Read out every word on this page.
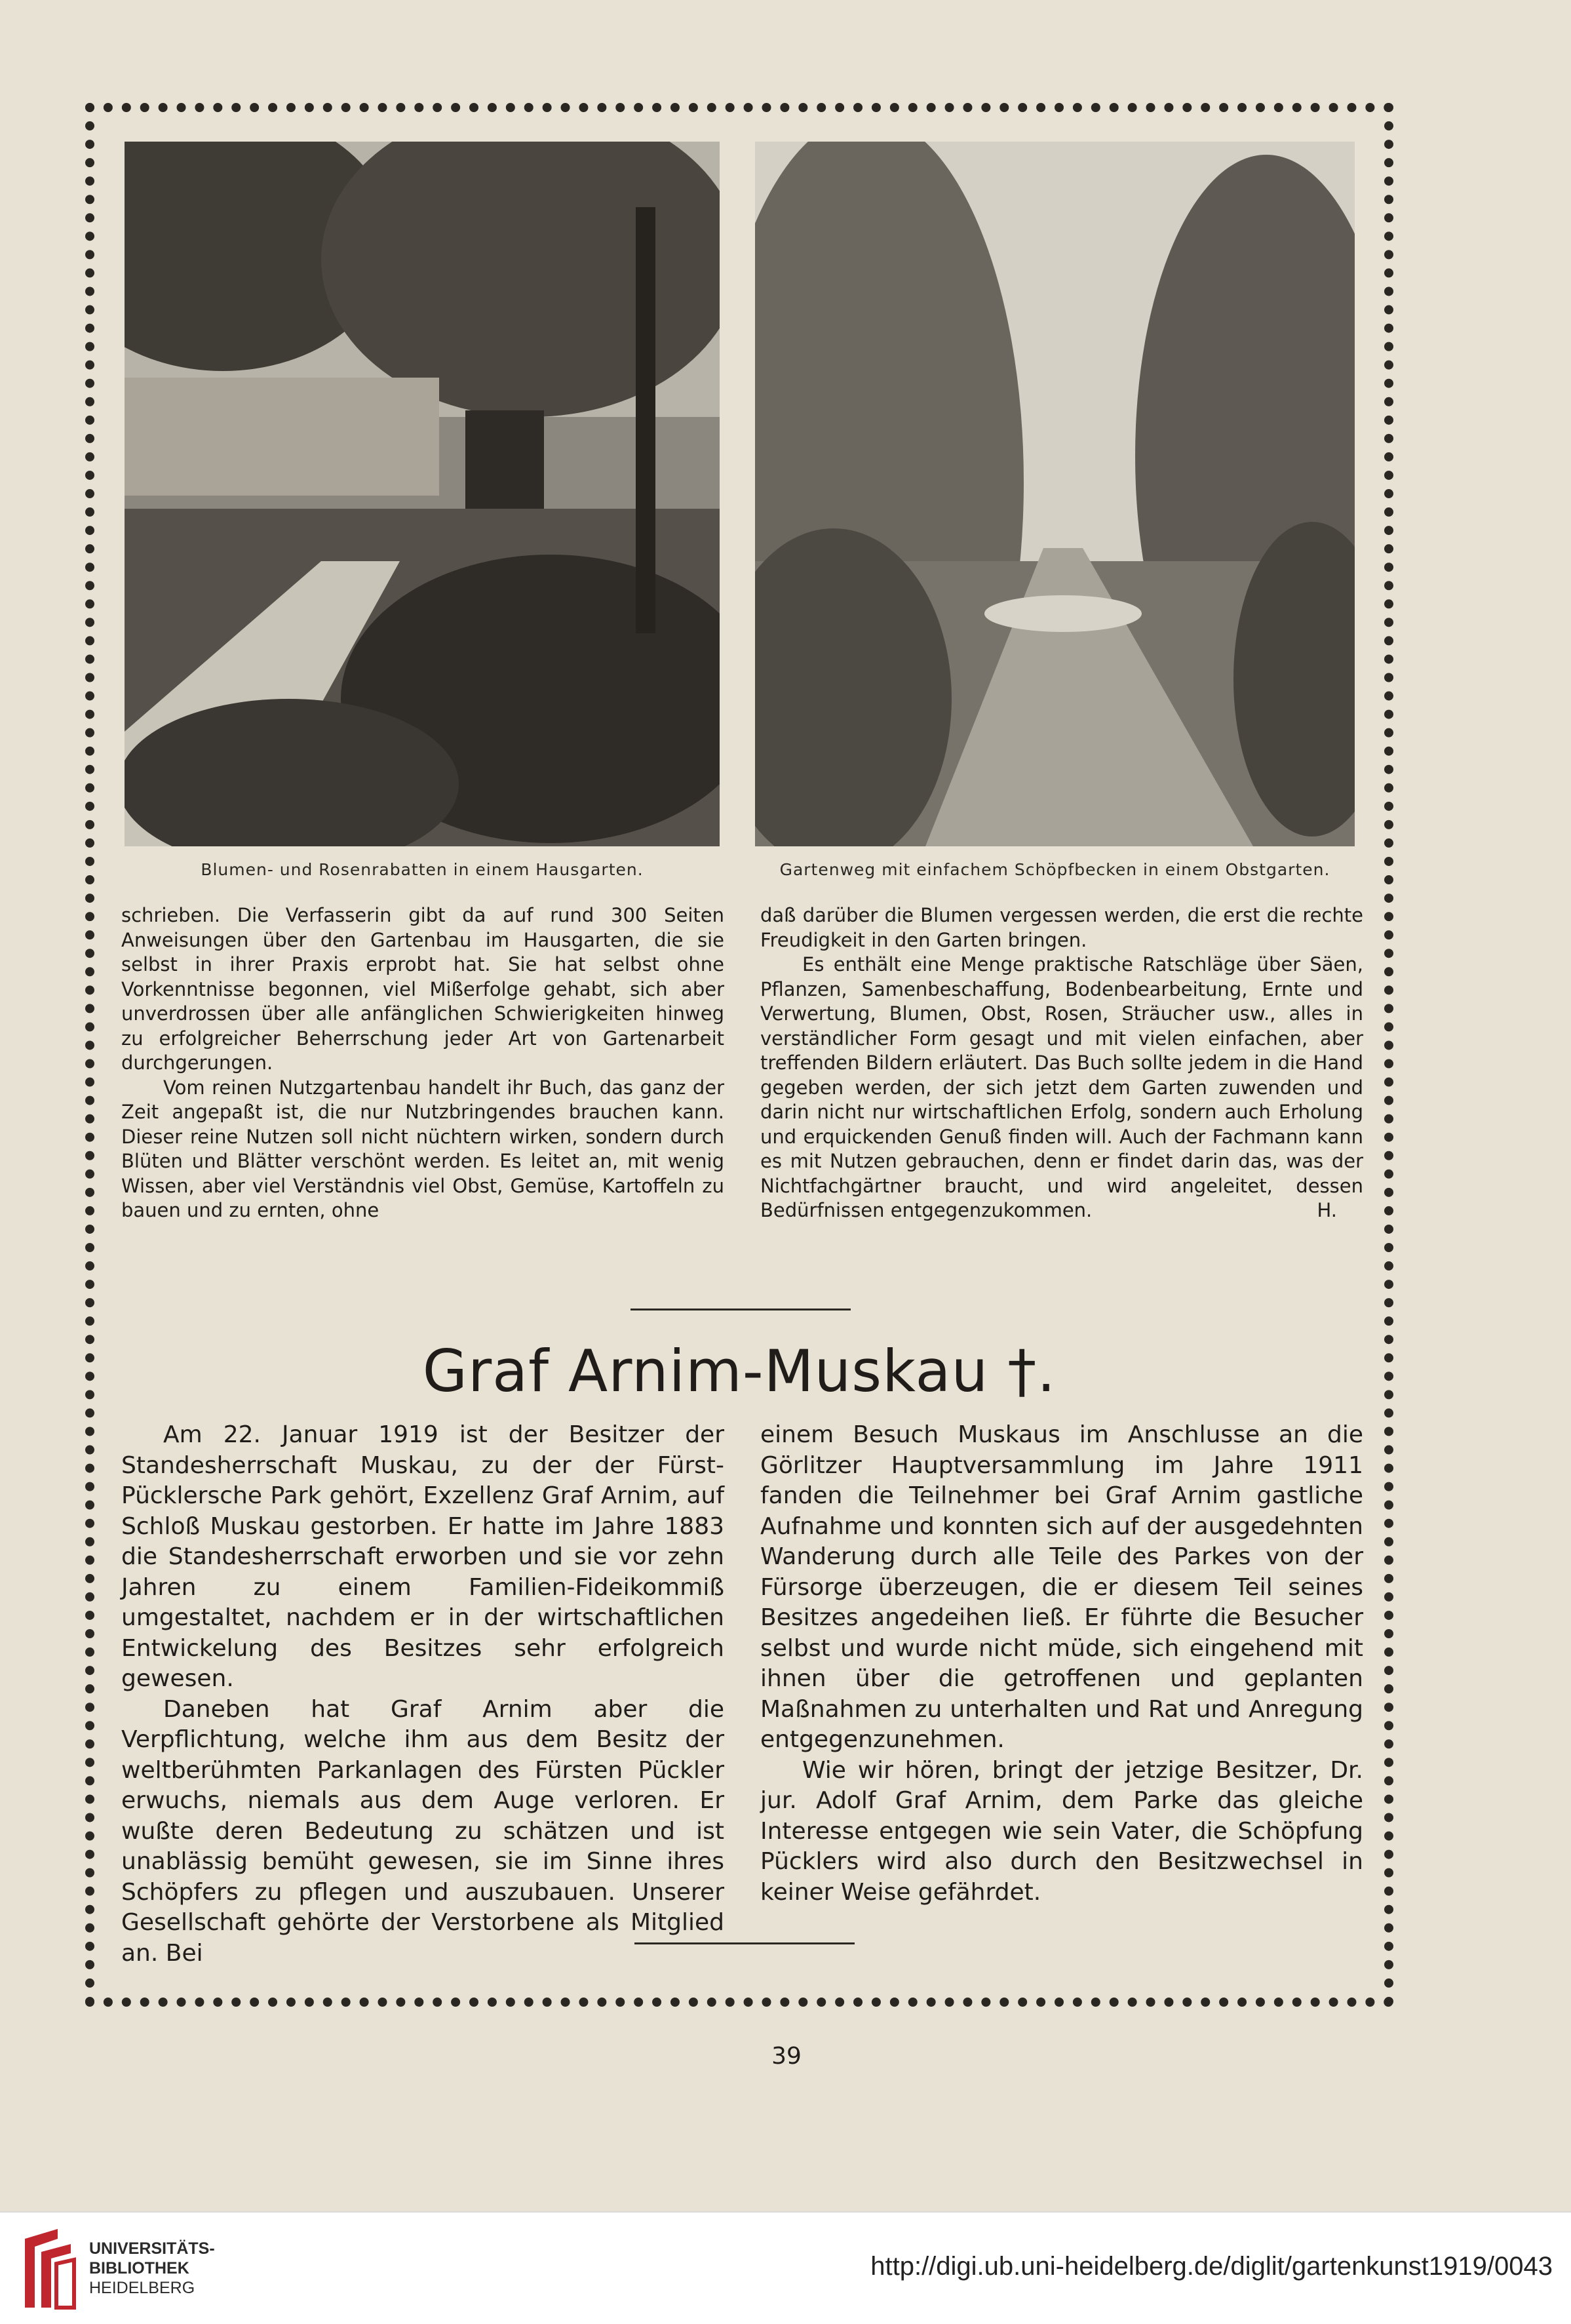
Blumen- und Rosenrabatten in einem Hausgarten.	Gartenweg mit einfachem Schöpfbecken in einem Obstgarten.

schrieben. Die Verfasserin gibt da auf rund 300 Seiten Anweisungen über den Gartenbau im Hausgarten, die sie selbst in ihrer Praxis erprobt hat. Sie hat selbst ohne Vorkenntnisse begonnen, viel Mißerfolge gehabt, sich aber unverdrossen über alle anfänglichen Schwierigkeiten hinweg zu erfolgreicher Beherrschung jeder Art von Gartenarbeit durchgerungen.

Vom reinen Nutzgartenbau handelt ihr Buch, das ganz der Zeit angepaßt ist, die nur Nutzbringendes brauchen kann. Dieser reine Nutzen soll nicht nüchtern wirken, sondern durch Blüten und Blätter verschönt werden. Es leitet an, mit wenig Wissen, aber viel Verständnis viel Obst, Gemüse, Kartoffeln zu bauen und zu ernten, ohne

daß darüber die Blumen vergessen werden, die erst die rechte Freudigkeit in den Garten bringen.

Es enthält eine Menge praktische Ratschläge über Säen, Pflanzen, Samenbeschaffung, Bodenbearbeitung, Ernte und Verwertung, Blumen, Obst, Rosen, Sträucher usw., alles in verständlicher Form gesagt und mit vielen einfachen, aber treffenden Bildern erläutert. Das Buch sollte jedem in die Hand gegeben werden, der sich jetzt dem Garten zuwenden und darin nicht nur wirtschaftlichen Erfolg, sondern auch Erholung und erquickenden Genuß finden will. Auch der Fachmann kann es mit Nutzen gebrauchen, denn er findet darin das, was der Nichtfachgärtner braucht, und wird angeleitet, dessen Bedürfnissen entgegenzukommen.	H.

Graf Arnim-Muskau †.

Am 22. Januar 1919 ist der Besitzer der Standesherrschaft Muskau, zu der der Fürst-Pücklersche Park gehört, Exzellenz Graf Arnim, auf Schloß Muskau gestorben. Er hatte im Jahre 1883 die Standesherrschaft erworben und sie vor zehn Jahren zu einem Familien-Fideikommiß umgestaltet, nachdem er in der wirtschaftlichen Entwickelung des Besitzes sehr erfolgreich gewesen.

Daneben hat Graf Arnim aber die Verpflichtung, welche ihm aus dem Besitz der weltberühmten Parkanlagen des Fürsten Pückler erwuchs, niemals aus dem Auge verloren. Er wußte deren Bedeutung zu schätzen und ist unablässig bemüht gewesen, sie im Sinne ihres Schöpfers zu pflegen und auszubauen. Unserer Gesellschaft gehörte der Verstorbene als Mitglied an. Bei

einem Besuch Muskaus im Anschlusse an die Görlitzer Hauptversammlung im Jahre 1911 fanden die Teilnehmer bei Graf Arnim gastliche Aufnahme und konnten sich auf der ausgedehnten Wanderung durch alle Teile des Parkes von der Fürsorge überzeugen, die er diesem Teil seines Besitzes angedeihen ließ. Er führte die Besucher selbst und wurde nicht müde, sich eingehend mit ihnen über die getroffenen und geplanten Maßnahmen zu unterhalten und Rat und Anregung entgegenzunehmen.

Wie wir hören, bringt der jetzige Besitzer, Dr. jur. Adolf Graf Arnim, dem Parke das gleiche Interesse entgegen wie sein Vater, die Schöpfung Pücklers wird also durch den Besitzwechsel in keiner Weise gefährdet.

39
UNIVERSITÄTS-
BIBLIOTHEK
HEIDELBERG
http://digi.ub.uni-heidelberg.de/diglit/gartenkunst1919/0043
